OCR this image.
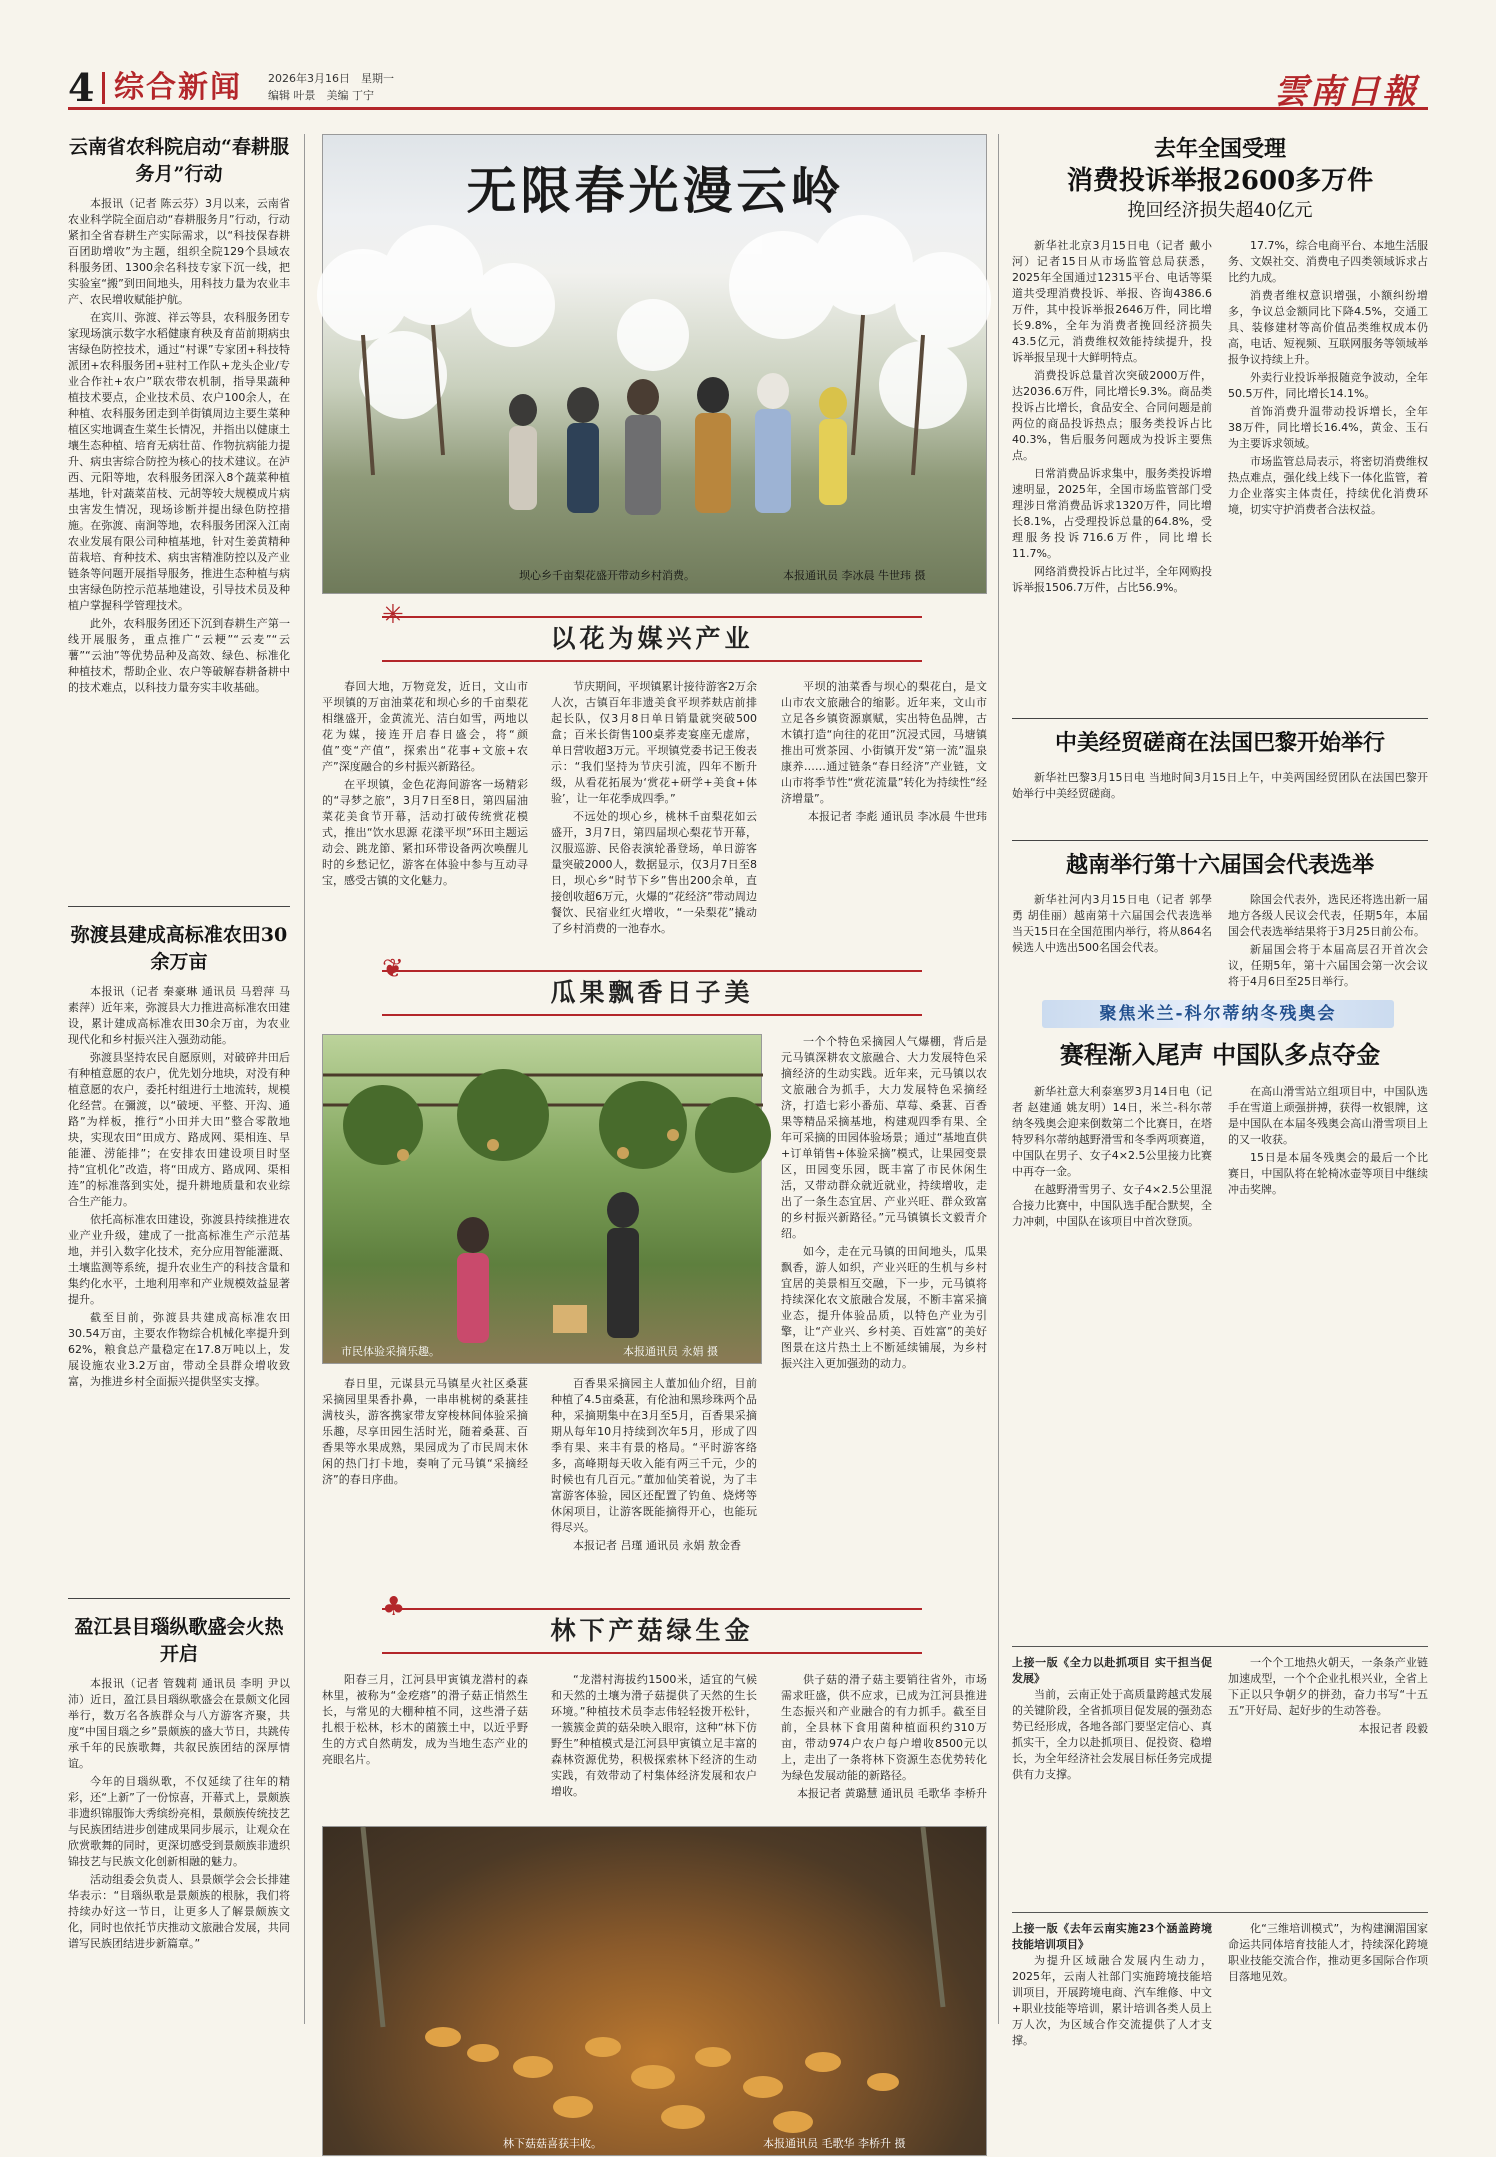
4 综合新闻 2026年3月16日　星期一
编辑 叶景　美编 丁宁	雲南日報
云南省农科院启动“春耕服务月”行动

本报讯（记者 陈云芬）3月以来，云南省农业科学院全面启动“春耕服务月”行动，行动紧扣全省春耕生产实际需求，以“科技保春耕 百团助增收”为主题，组织全院129个县域农科服务团、1300余名科技专家下沉一线，把实验室“搬”到田间地头，用科技力量为农业丰产、农民增收赋能护航。

在宾川、弥渡、祥云等县，农科服务团专家现场演示数字水稻健康育秧及育苗前期病虫害绿色防控技术，通过“村课”专家团+科技特派团+农科服务团+驻村工作队+龙头企业/专业合作社+农户”联农带农机制，指导果蔬种植技术要点，企业技术员、农户100余人，在种植、农科服务团走到羊街镇周边主要生菜种植区实地调查生菜生长情况，并指出以健康土壤生态种植、培育无病壮苗、作物抗病能力提升、病虫害综合防控为核心的技术建议。在泸西、元阳等地，农科服务团深入8个蔬菜种植基地，针对蔬菜苗枝、元胡等较大规模成片病虫害发生情况，现场诊断并提出绿色防控措施。在弥渡、南涧等地，农科服务团深入江南农业发展有限公司种植基地，针对生姜黄精种苗栽培、育种技术、病虫害精准防控以及产业链条等问题开展指导服务，推进生态种植与病虫害绿色防控示范基地建设，引导技术员及种植户掌握科学管理技术。

此外，农科服务团还下沉到春耕生产第一线开展服务，重点推广“云粳”“云麦”“云薯”“云油”等优势品种及高效、绿色、标准化种植技术，帮助企业、农户等破解春耕备耕中的技术难点，以科技力量夯实丰收基础。

弥渡县建成高标准农田30余万亩

本报讯（记者 秦豪琳 通讯员 马碧萍 马素萍）近年来，弥渡县大力推进高标准农田建设，累计建成高标准农田30余万亩，为农业现代化和乡村振兴注入强劲动能。

弥渡县坚持农民自愿原则，对破碎井田后有种植意愿的农户，优先划分地块，对没有种植意愿的农户，委托村组进行土地流转，规模化经营。在彌渡，以“破埂、平整、开沟、通路”为样板，推行“小田并大田”整合零散地块，实现农田“田成方、路成网、渠相连、旱能灌、涝能排”；在安排农田建设项目时坚持“宜机化”改造，将“田成方、路成网、渠相连”的标准落到实处，提升耕地质量和农业综合生产能力。

依托高标准农田建设，弥渡县持续推进农业产业升级，建成了一批高标准生产示范基地，并引入数字化技术，充分应用智能灌溉、土壤监测等系统，提升农业生产的科技含量和集约化水平，土地利用率和产业规模效益显著提升。

截至目前，弥渡县共建成高标准农田30.54万亩，主要农作物综合机械化率提升到62%，粮食总产量稳定在17.8万吨以上，发展设施农业3.2万亩，带动全县群众增收致富，为推进乡村全面振兴提供坚实支撑。

盈江县目瑙纵歌盛会火热开启

本报讯（记者 管魏莉 通讯员 李明 尹以沛）近日，盈江县目瑙纵歌盛会在景颇文化园举行，数万名各族群众与八方游客齐聚，共度“中国目瑙之乡”景颇族的盛大节日，共跳传承千年的民族歌舞，共叙民族团结的深厚情谊。

今年的目瑙纵歌，不仅延续了往年的精彩，还“上新”了一份惊喜，开幕式上，景颇族非遗织锦服饰大秀缤纷亮相，景颇族传统技艺与民族团结进步创建成果同步展示，让观众在欣赏歌舞的同时，更深切感受到景颇族非遗织锦技艺与民族文化创新相融的魅力。

活动组委会负责人、县景颇学会会长排建华表示：“目瑙纵歌是景颇族的根脉，我们将持续办好这一节日，让更多人了解景颇族文化，同时也依托节庆推动文旅融合发展，共同谱写民族团结进步新篇章。”

无限春光漫云岭
坝心乡千亩梨花盛开带动乡村消费。	本报通讯员 李冰晨 牛世玮 摄
✳
以花为媒兴产业

春回大地，万物竞发，近日，文山市平坝镇的万亩油菜花和坝心乡的千亩梨花相继盛开，金黄流光、洁白如雪，两地以花为媒，接连开启春日盛会，将“颜值”变“产值”，探索出“花事+文旅+农产”深度融合的乡村振兴新路径。

在平坝镇，金色花海间游客一场精彩的“寻梦之旅”，3月7日至8日，第四届油菜花美食节开幕，活动打破传统赏花模式，推出“饮水思源 花漾平坝”环田主题运动会、跳龙節、紧扣环带设备两次唤醒儿时的乡愁记忆，游客在体验中参与互动寻宝，感受古镇的文化魅力。

节庆期间，平坝镇累计接待游客2万余人次，古镇百年非遗美食平坝荞麸店前排起长队，仅3月8日单日销量就突破500盒；百米长街售100桌荞麦宴座无虚席，单日营收超3万元。平坝镇党委书记王俊表示：“我们坚持为节庆引流，四年不断升级，从看花拓展为‘赏花+研学+美食+体验’，让一年花季成四季。”

不远处的坝心乡，桃林千亩梨花如云盛开，3月7日，第四届坝心梨花节开幕，汉服巡游、民俗表演轮番登场，单日游客量突破2000人，数据显示，仅3月7日至8日，坝心乡“时节下乡”售出200余单，直接创收超6万元，火爆的“花经济”带动周边餐饮、民宿业红火增收，“一朵梨花”撬动了乡村消费的一池春水。

平坝的油菜香与坝心的梨花白，是文山市农文旅融合的缩影。近年来，文山市立足各乡镇资源禀赋，实出特色品牌，古木镇打造“向往的花田”沉浸式园，马塘镇推出可赏茶园、小街镇开发“第一流”温泉康养……通过链条“春日经济”产业链，文山市将季节性“赏花流量”转化为持续性“经济增量”。

本报记者 李彪 通讯员 李冰晨 牛世玮
❦
瓜果飘香日子美
市民体验采摘乐趣。	本报通讯员 永娟 摄

一个个特色采摘园人气爆棚，背后是元马镇深耕农文旅融合、大力发展特色采摘经济的生动实践。近年来，元马镇以农文旅融合为抓手，大力发展特色采摘经济，打造七彩小番茄、草莓、桑葚、百香果等精品采摘基地，构建观四季有果、全年可采摘的田园体验场景；通过“基地直供+订单销售+体验采摘”模式，让果园变景区，田园变乐园，既丰富了市民休闲生活，又带动群众就近就业，持续增收，走出了一条生态宜居、产业兴旺、群众致富的乡村振兴新路径。”元马镇镇长文毅青介绍。

如今，走在元马镇的田间地头，瓜果飘香，游人如织，产业兴旺的生机与乡村宜居的美景相互交融，下一步，元马镇将持续深化农文旅融合发展，不断丰富采摘业态，提升体验品质，以特色产业为引擎，让“产业兴、乡村美、百姓富”的美好图景在这片热土上不断延续铺展，为乡村振兴注入更加强劲的动力。

春日里，元谋县元马镇星火社区桑葚采摘园里果香扑鼻，一串串桃树的桑葚挂满枝头，游客携家带友穿梭林间体验采摘乐趣，尽享田园生活时光，随着桑葚、百香果等水果成熟，果园成为了市民周末休闲的热门打卡地，奏响了元马镇“采摘经济”的春日序曲。

百香果采摘园主人董加仙介绍，目前种植了4.5亩桑葚，有伦油和黑珍珠两个品种，采摘期集中在3月至5月，百香果采摘期从每年10月持续到次年5月，形成了四季有果、来丰有景的格局。“平时游客络多，高峰期每天收入能有两三千元，少的时候也有几百元。”董加仙笑着说，为了丰富游客体验，园区还配置了钓鱼、烧烤等休闲项目，让游客既能摘得开心，也能玩得尽兴。

本报记者 吕瑾 通讯员 永娟 敖金香

♣
林下产菇绿生金

阳春三月，江河县甲寅镇龙潜村的森林里，被称为“金疙瘩”的滑子菇正悄然生长，与常见的大棚种植不同，这些滑子菇扎根于松林，杉木的菌簇土中，以近乎野生的方式自然萌发，成为当地生态产业的亮眼名片。

“龙潜村海拔约1500米，适宜的气候和天然的土壤为滑子菇提供了天然的生长环境。”种植技术员李志伟轻轻拨开松针，一簇簇金黄的菇朵映入眼帘，这种“林下仿野生”种植模式是江河县甲寅镇立足丰富的森林资源优势，积极探索林下经济的生动实践，有效带动了村集体经济发展和农户增收。

供子菇的滑子菇主要销往省外，市场需求旺盛，供不应求，已成为江河县推进生态振兴和产业融合的有力抓手。截至目前，全县林下食用菌种植面积约310万亩，带动974户农户每户增收8500元以上，走出了一条将林下资源生态优势转化为绿色发展动能的新路径。

本报记者 黄璐慧 通讯员 毛歌华 李桥升
林下菇菇喜获丰收。	本报通讯员 毛歌华 李桥升 摄
去年全国受理
消费投诉举报2600多万件
挽回经济损失超40亿元

新华社北京3月15日电（记者 戴小河）记者15日从市场监管总局获悉，2025年全国通过12315平台、电话等渠道共受理消费投诉、举报、咨询4386.6万件，其中投诉举报2646万件，同比增长9.8%，全年为消费者挽回经济损失43.5亿元，消费维权效能持续提升，投诉举报呈现十大鲜明特点。

消费投诉总量首次突破2000万件，达2036.6万件，同比增长9.3%。商品类投诉占比增长，食品安全、合同问题是前两位的商品投诉热点；服务类投诉占比40.3%，售后服务问题成为投诉主要焦点。

日常消费品诉求集中，服务类投诉增速明显，2025年，全国市场监管部门受理涉日常消费品诉求1320万件，同比增长8.1%，占受理投诉总量的64.8%，受理服务投诉716.6万件，同比增长11.7%。

网络消费投诉占比过半，全年网购投诉举报1506.7万件，占比56.9%。

17.7%，综合电商平台、本地生活服务、文娱社交、消费电子四类领域诉求占比约九成。

消费者维权意识增强，小额纠纷增多，争议总金额同比下降4.5%，交通工具、装修建材等高价值品类维权成本仍高，电话、短视频、互联网服务等领域举报争议持续上升。

外卖行业投诉举报随竞争波动，全年50.5万件，同比增长14.1%。

首饰消费升温带动投诉增长，全年38万件，同比增长16.4%，黄金、玉石为主要诉求领域。

市场监管总局表示，将密切消费维权热点难点，强化线上线下一体化监管，着力企业落实主体责任，持续优化消费环境，切实守护消费者合法权益。

中美经贸磋商在法国巴黎开始举行

新华社巴黎3月15日电 当地时间3月15日上午，中美两国经贸团队在法国巴黎开始举行中美经贸磋商。

越南举行第十六届国会代表选举

新华社河内3月15日电（记者 郭學勇 胡佳丽）越南第十六届国会代表选举当天15日在全国范围内举行，将从864名候选人中选出500名国会代表。

除国会代表外，选民还将选出新一届地方各级人民议会代表，任期5年，本届国会代表选举结果将于3月25日前公布。

新届国会将于本届高层召开首次会议，任期5年，第十六届国会第一次会议将于4月6日至25日举行。

聚焦米兰-科尔蒂纳冬残奥会
赛程渐入尾声 中国队多点夺金

新华社意大利泰塞罗3月14日电（记者 赵建通 姚友明）14日，米兰-科尔蒂纳冬残奥会迎来倒数第二个比赛日，在塔特罗科尔蒂纳越野滑雪和冬季两项赛道，中国队在男子、女子4×2.5公里接力比赛中再夺一金。

在越野滑雪男子、女子4×2.5公里混合接力比赛中，中国队选手配合默契，全力冲刺，中国队在该项目中首次登顶。

在高山滑雪站立组项目中，中国队选手在雪道上顽强拼搏，获得一枚银牌，这是中国队在本届冬残奥会高山滑雪项目上的又一收获。

15日是本届冬残奥会的最后一个比赛日，中国队将在轮椅冰壶等项目中继续冲击奖牌。

上接一版《全力以赴抓项目 实干担当促发展》

当前，云南正处于高质量跨越式发展的关键阶段，全省抓项目促发展的强劲态势已经形成，各地各部门要坚定信心、真抓实干，全力以赴抓项目、促投资、稳增长，为全年经济社会发展目标任务完成提供有力支撑。

一个个工地热火朝天，一条条产业链加速成型，一个个企业扎根兴业，全省上下正以只争朝夕的拼劲，奋力书写“十五五”开好局、起好步的生动答卷。

本报记者 段毅
上接一版《去年云南实施23个涵盖跨境技能培训项目》

为提升区域融合发展内生动力，2025年，云南人社部门实施跨境技能培训项目，开展跨境电商、汽车维修、中文+职业技能等培训，累计培训各类人员上万人次，为区域合作交流提供了人才支撑。

化“三维培训模式”，为构建澜湄国家命运共同体培育技能人才，持续深化跨境职业技能交流合作，推动更多国际合作项目落地见效。
